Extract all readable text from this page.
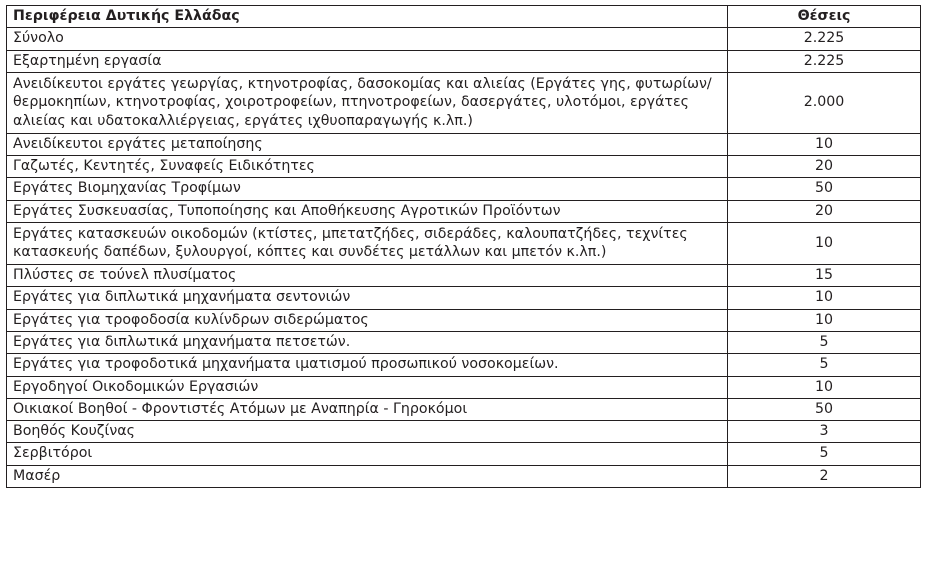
Περιφέρεια Δυτικής Ελλάδας	Θέσεις
Σύνολο	2.225
Εξαρτημένη εργασία	2.225
Ανειδίκευτοι εργάτες γεωργίας, κτηνοτροφίας, δασοκομίας και αλιείας (Εργάτες γης, φυτωρίων/θερμοκηπίων, κτηνοτροφίας, χοιροτροφείων, πτηνοτροφείων, δασεργάτες, υλοτόμοι, εργάτες αλιείας και υδατοκαλλιέργειας, εργάτες ιχθυοπαραγωγής κ.λπ.)	2.000
Ανειδίκευτοι εργάτες μεταποίησης	10
Γαζωτές, Κεντητές, Συναφείς Ειδικότητες	20
Εργάτες Βιομηχανίας Τροφίμων	50
Εργάτες Συσκευασίας, Τυποποίησης και Αποθήκευσης Αγροτικών Προϊόντων	20
Εργάτες κατασκευών οικοδομών (κτίστες, μπετατζήδες, σιδεράδες, καλουπατζήδες, τεχνίτες κατασκευής δαπέδων, ξυλουργοί, κόπτες και συνδέτες μετάλλων και μπετόν κ.λπ.)	10
Πλύστες σε τούνελ πλυσίματος	15
Εργάτες για διπλωτικά μηχανήματα σεντονιών	10
Εργάτες για τροφοδοσία κυλίνδρων σιδερώματος	10
Εργάτες για διπλωτικά μηχανήματα πετσετών.	5
Εργάτες για τροφοδοτικά μηχανήματα ιματισμού προσωπικού νοσοκομείων.	5
Εργοδηγοί Οικοδομικών Εργασιών	10
Οικιακοί Βοηθοί - Φροντιστές Ατόμων με Αναπηρία - Γηροκόμοι	50
Βοηθός Κουζίνας	3
Σερβιτόροι	5
Μασέρ	2
